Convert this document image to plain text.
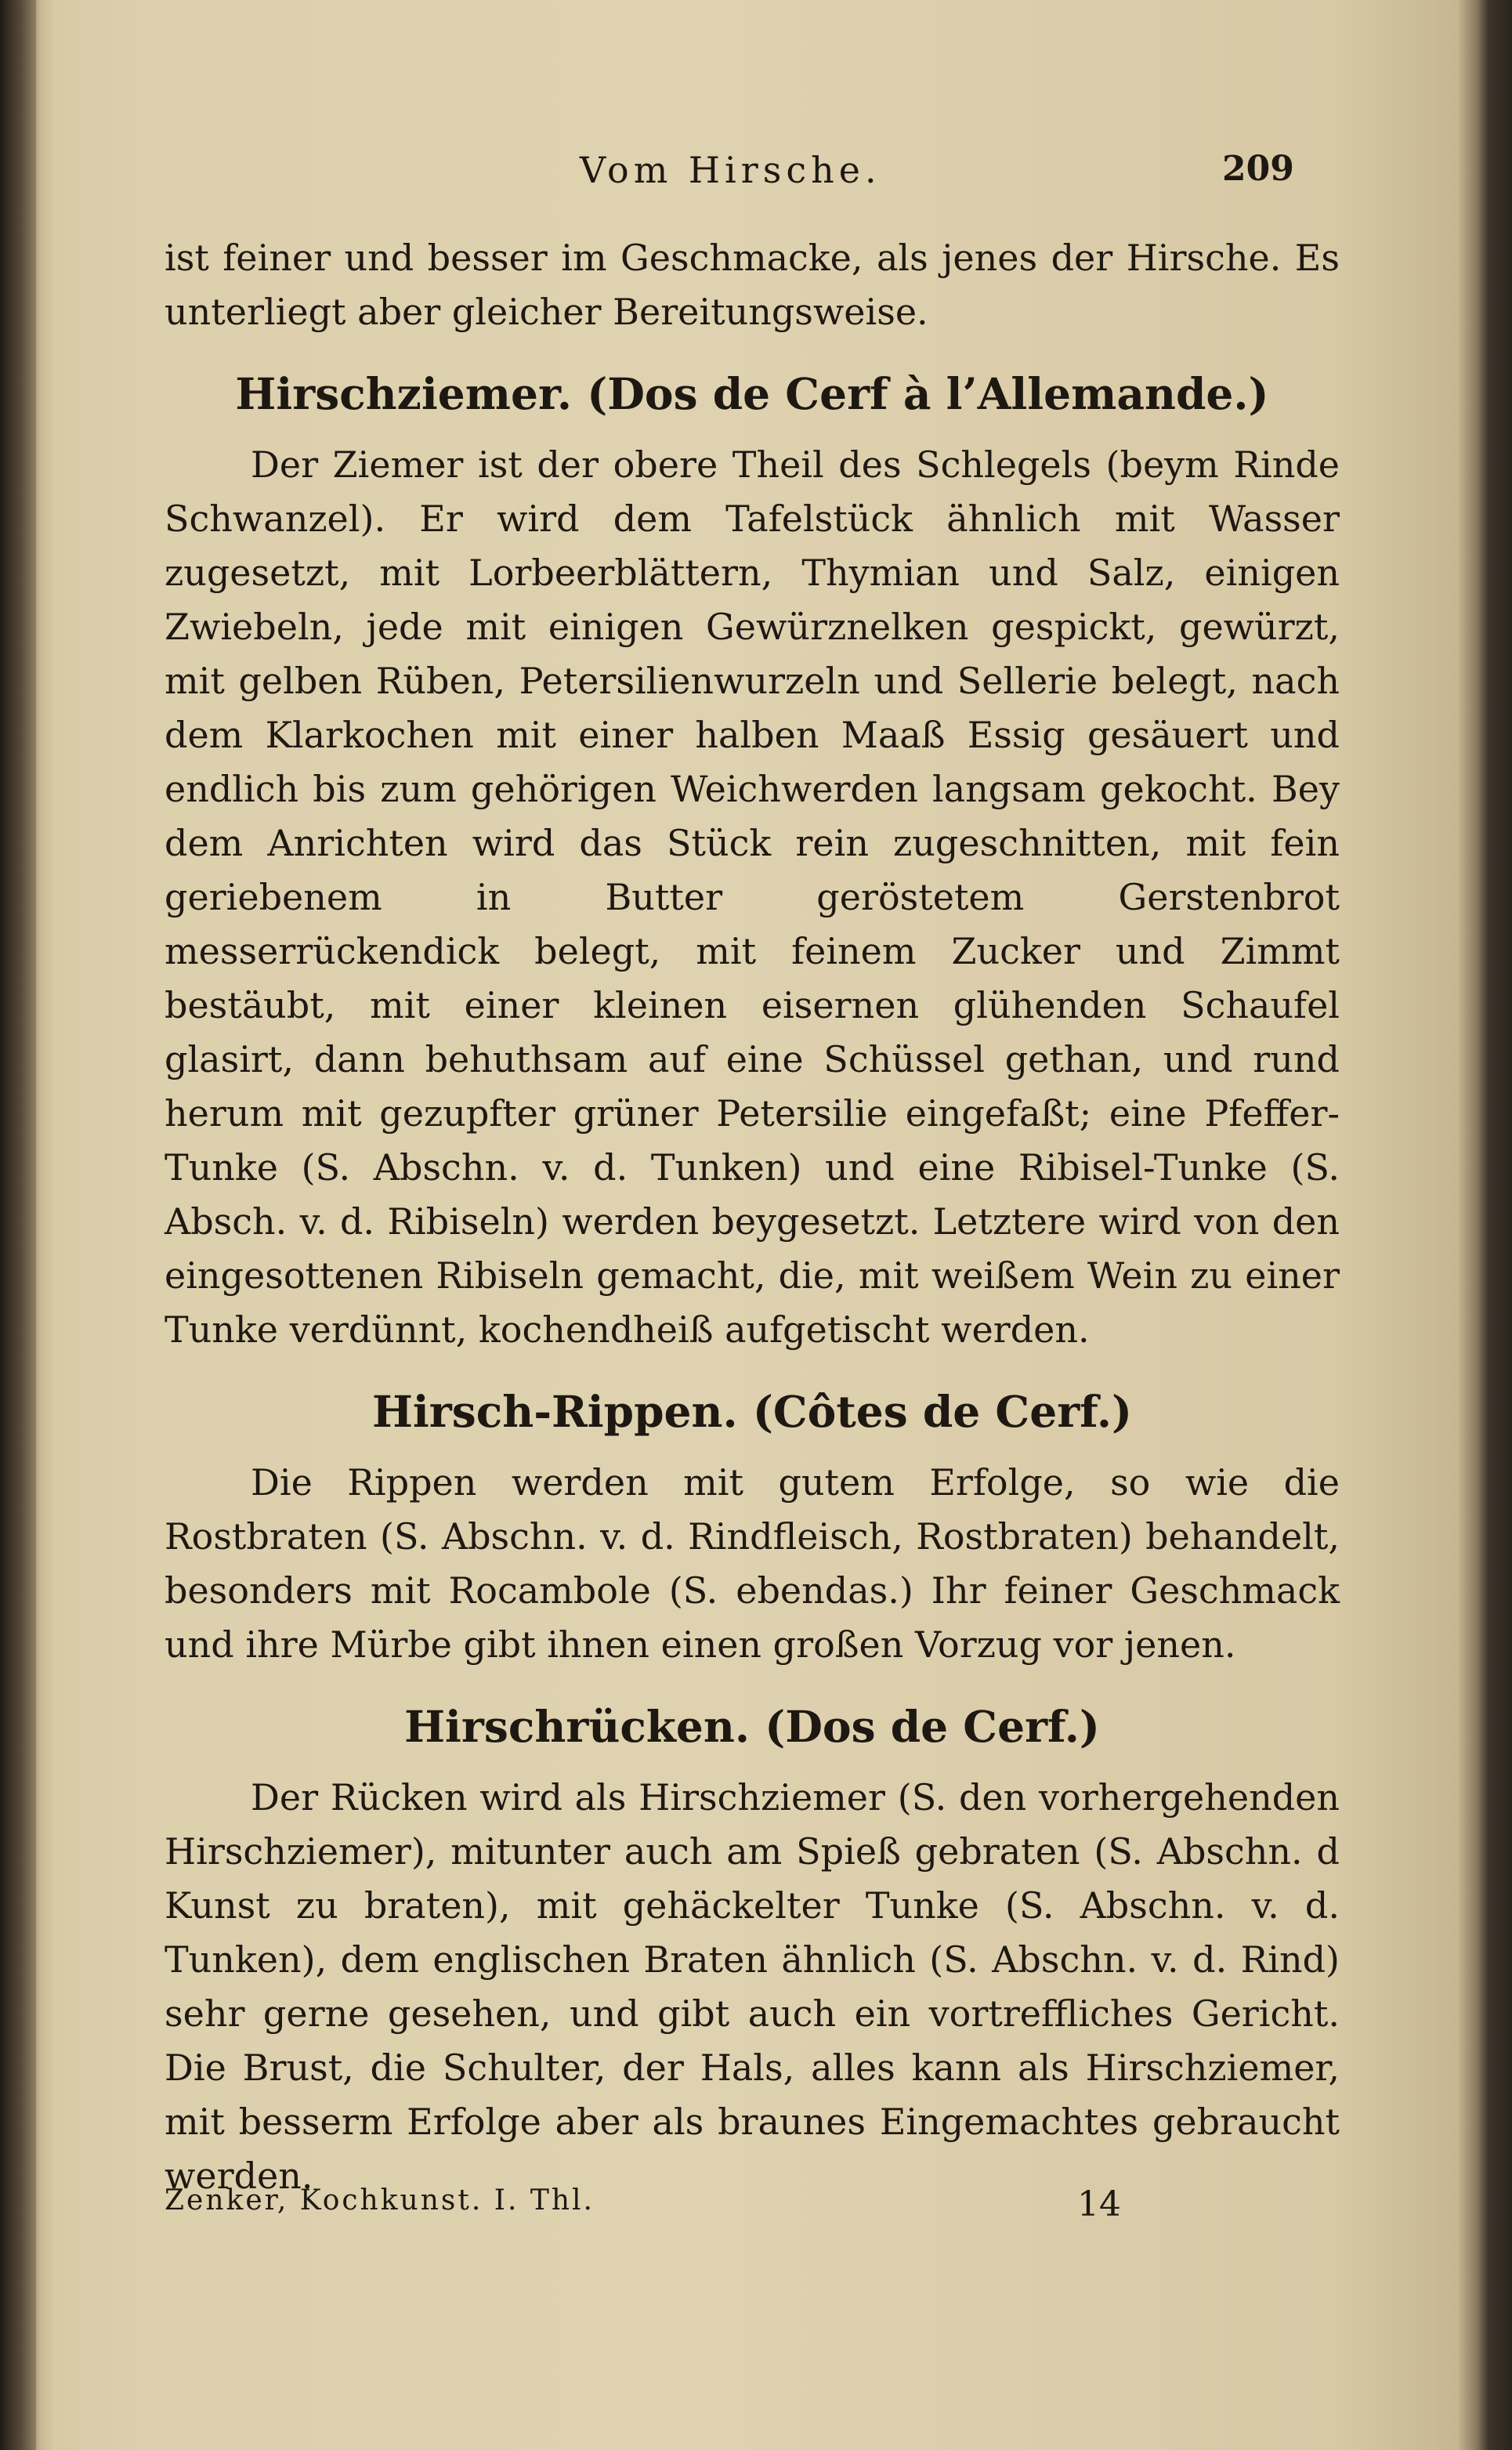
Vom Hirsche.	209

ist feiner und besser im Geschmacke, als jenes der Hirsche. Es unterliegt aber gleicher Bereitungsweise.

Hirschziemer. (Dos de Cerf à l’Allemande.)

Der Ziemer ist der obere Theil des Schlegels (beym Rinde Schwanzel). Er wird dem Tafelstück ähnlich mit Wasser zugesetzt, mit Lorbeerblättern, Thymian und Salz, einigen Zwiebeln, jede mit einigen Gewürznelken gespickt, gewürzt, mit gelben Rüben, Petersilienwurzeln und Sellerie belegt, nach dem Klarkochen mit einer halben Maaß Essig gesäuert und endlich bis zum gehörigen Weichwerden langsam gekocht. Bey dem Anrichten wird das Stück rein zugeschnitten, mit fein geriebenem in Butter geröstetem Gerstenbrot messerrückendick belegt, mit feinem Zucker und Zimmt bestäubt, mit einer kleinen eisernen glühenden Schaufel glasirt, dann behuthsam auf eine Schüssel gethan, und rund herum mit gezupfter grüner Petersilie eingefaßt; eine Pfeffer-Tunke (S. Abschn. v. d. Tunken) und eine Ribisel-Tunke (S. Absch. v. d. Ribiseln) werden beygesetzt. Letztere wird von den eingesottenen Ribiseln gemacht, die, mit weißem Wein zu einer Tunke verdünnt, kochendheiß aufgetischt werden.

Hirsch-Rippen. (Côtes de Cerf.)

Die Rippen werden mit gutem Erfolge, so wie die Rostbraten (S. Abschn. v. d. Rindfleisch, Rostbraten) behandelt, besonders mit Rocambole (S. ebendas.) Ihr feiner Geschmack und ihre Mürbe gibt ihnen einen großen Vorzug vor jenen.

Hirschrücken. (Dos de Cerf.)

Der Rücken wird als Hirschziemer (S. den vorhergehenden Hirschziemer), mitunter auch am Spieß gebraten (S. Abschn. d Kunst zu braten), mit gehäckelter Tunke (S. Abschn. v. d. Tunken), dem englischen Braten ähnlich (S. Abschn. v. d. Rind) sehr gerne gesehen, und gibt auch ein vortreffliches Gericht. Die Brust, die Schulter, der Hals, alles kann als Hirschziemer, mit besserm Erfolge aber als braunes Eingemachtes gebraucht werden.

Zenker, Kochkunst. I. Thl.	14
